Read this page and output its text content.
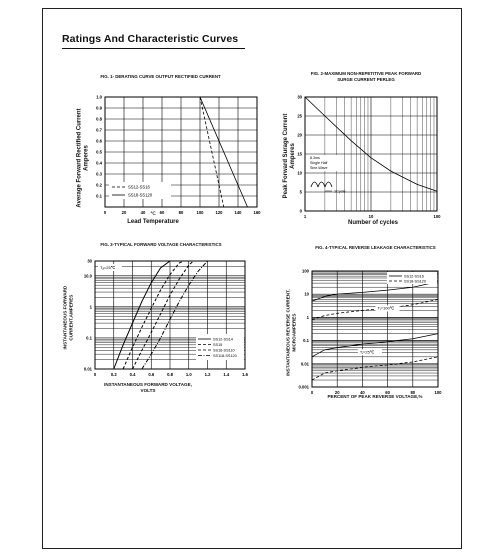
Ratings And Characteristic Curves
FIG. 1- DERATING CURVE OUTPUT RECTIFIED CURRENT
Average Forward Rectified Current
Amperes
0	20	40	60	80	100	120	140	160
0.1
0.2
0.3
0.4
0.5
0.6
0.7
0.8
0.9
1.0
SS12-SS16
SS18-SS120
Lead Temperature
℃
FIG. 2-MAXIMUM NON-REPETITIVE PEAK FORWARD
SURGE CURRENT PERLEG
Peak Forward Surage Current
Amperes
1	10	100
0
5
10
15
20
25
30
8.3ms
Single Half
Sine-Wave
1Cycle
Number of cycles
FIG. 3-TYPICAL FORWARD VOLTAGE CHARACTERISTICS
INSTANTANEOUS FORWARD
CURRENT,AMPERES
0	0.2	0.4	0.6	0.8	1.0	1.2	1.4	1.6
0.01
0.1
1
10.0
30
Tₐ=25℃
SS12-SS14
SS15
SS16-SS110
SS118-SS120
INSTANTANEOUS FORWARD VOLTAGE,
VOLTS
FIG. 4-TYPICAL REVERSE LEAKAGE CHARACTERISTICS
INSTANTANEOUS REVERSE CURRENT,
MICROAMPERES
0	20	40	60	80	100
0.001
0.01
0.1
1
10
100
SS12-SS16
SS18-SS120
Tⱼ=100℃
Tⱼ=25℃
PERCENT OF PEAK REVERSE VOLTAGE,%
